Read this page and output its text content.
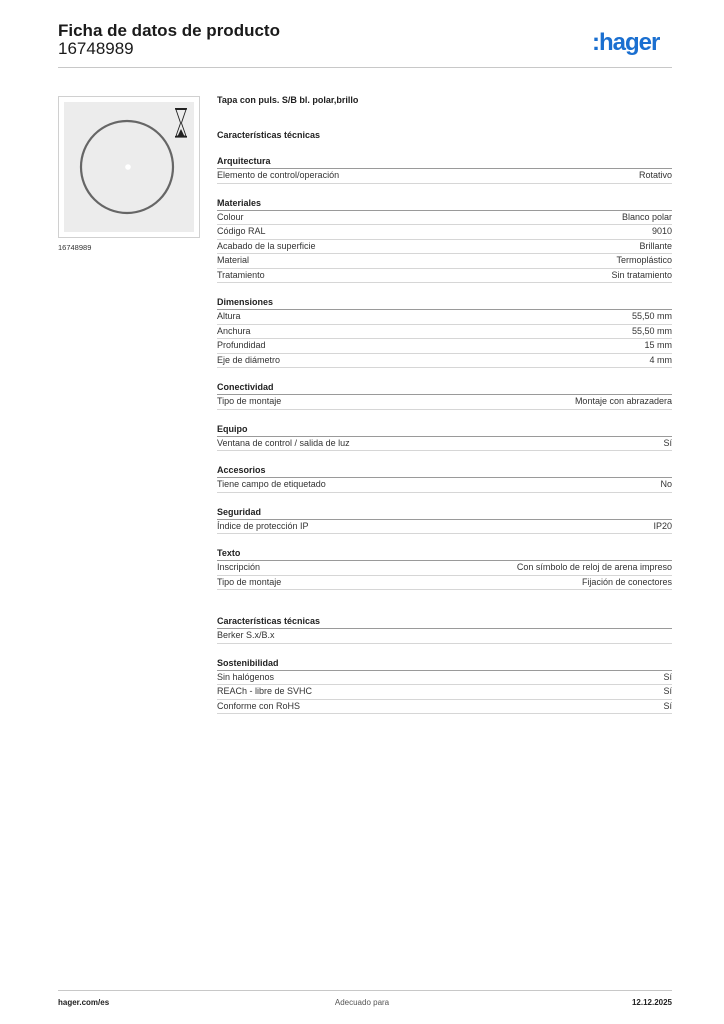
Ficha de datos de producto
16748989	:hager
16748989
Tapa con puls. S/B bl. polar,brillo
Características técnicas
Arquitectura
Elemento de control/operación	Rotativo
Materiales
Colour	Blanco polar
Código RAL	9010
Acabado de la superficie	Brillante
Material	Termoplástico
Tratamiento	Sin tratamiento
Dimensiones
Altura	55,50 mm
Anchura	55,50 mm
Profundidad	15 mm
Eje de diámetro	4 mm
Conectividad
Tipo de montaje	Montaje con abrazadera
Equipo
Ventana de control / salida de luz	Sí
Accesorios
Tiene campo de etiquetado	No
Seguridad
Índice de protección IP	IP20
Texto
Inscripción	Con símbolo de reloj de arena impreso
Tipo de montaje	Fijación de conectores
Características técnicas
Berker S.x/B.x
Sostenibilidad
Sin halógenos	Sí
REACh - libre de SVHC	Sí
Conforme con RoHS	Sí
hager.com/es	Adecuado para	12.12.2025
